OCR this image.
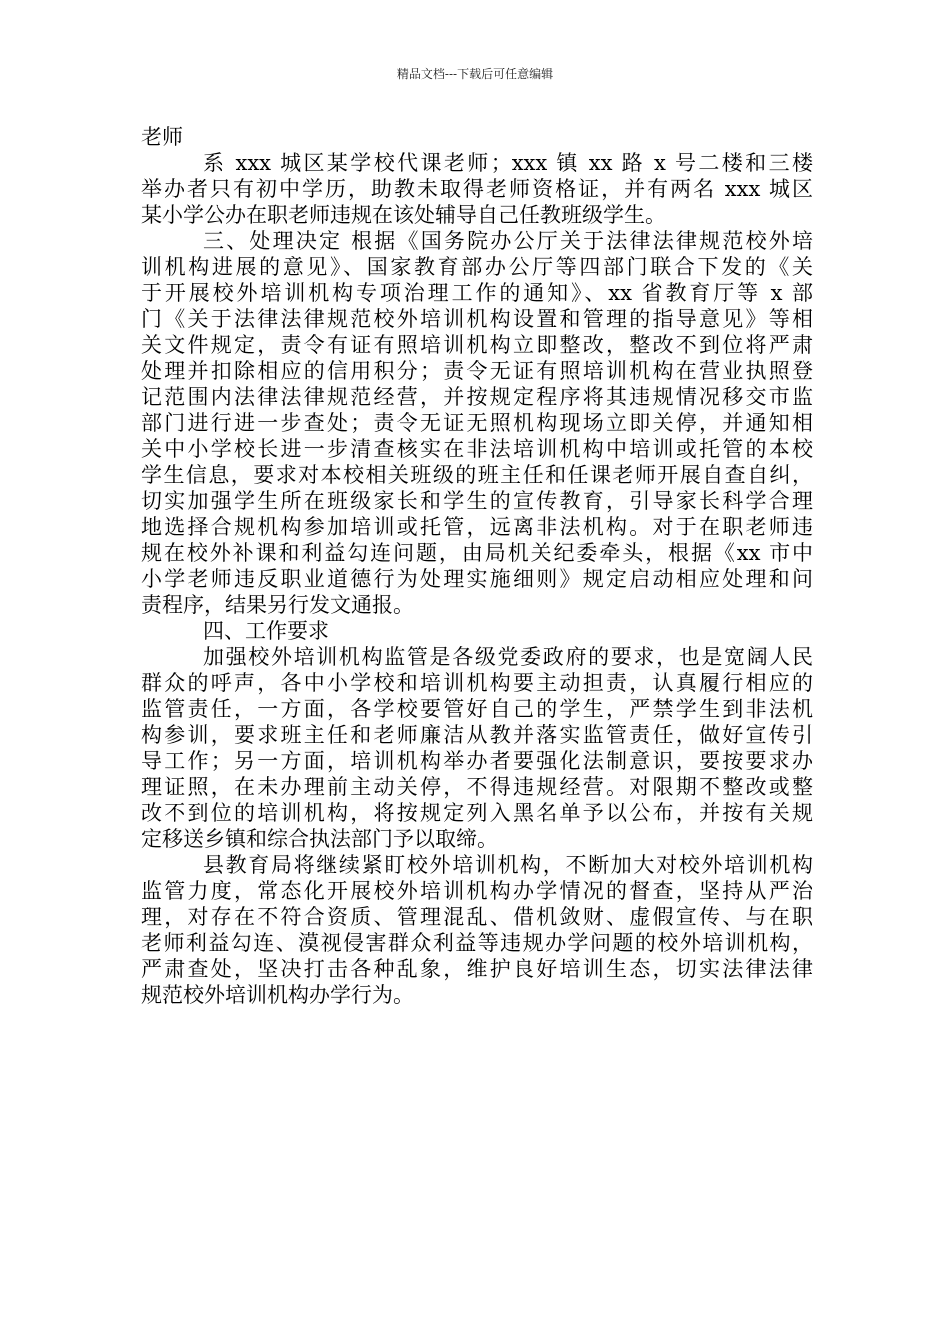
精品文档---下载后可任意编辑
老师
系 xxx 城区某学校代课老师；xxx 镇 xx 路 x 号二楼和三楼
举办者只有初中学历，助教未取得老师资格证，并有两名 xxx 城区
某小学公办在职老师违规在该处辅导自己任教班级学生。
三、处理决定 根据《国务院办公厅关于法律法律规范校外培
训机构进展的意见》、国家教育部办公厅等四部门联合下发的《关
于开展校外培训机构专项治理工作的通知》、xx 省教育厅等 x 部
门《关于法律法律规范校外培训机构设置和管理的指导意见》等相
关文件规定，责令有证有照培训机构立即整改，整改不到位将严肃
处理并扣除相应的信用积分；责令无证有照培训机构在营业执照登
记范围内法律法律规范经营，并按规定程序将其违规情况移交市监
部门进行进一步查处；责令无证无照机构现场立即关停，并通知相
关中小学校长进一步清查核实在非法培训机构中培训或托管的本校
学生信息，要求对本校相关班级的班主任和任课老师开展自查自纠，
切实加强学生所在班级家长和学生的宣传教育，引导家长科学合理
地选择合规机构参加培训或托管，远离非法机构。对于在职老师违
规在校外补课和利益勾连问题，由局机关纪委牵头，根据《xx 市中
小学老师违反职业道德行为处理实施细则》规定启动相应处理和问
责程序，结果另行发文通报。
四、工作要求
加强校外培训机构监管是各级党委政府的要求，也是宽阔人民
群众的呼声，各中小学校和培训机构要主动担责，认真履行相应的
监管责任，一方面，各学校要管好自己的学生，严禁学生到非法机
构参训，要求班主任和老师廉洁从教并落实监管责任，做好宣传引
导工作；另一方面，培训机构举办者要强化法制意识，要按要求办
理证照，在未办理前主动关停，不得违规经营。对限期不整改或整
改不到位的培训机构，将按规定列入黑名单予以公布，并按有关规
定移送乡镇和综合执法部门予以取缔。
县教育局将继续紧盯校外培训机构，不断加大对校外培训机构
监管力度，常态化开展校外培训机构办学情况的督查，坚持从严治
理，对存在不符合资质、管理混乱、借机敛财、虚假宣传、与在职
老师利益勾连、漠视侵害群众利益等违规办学问题的校外培训机构，
严肃查处，坚决打击各种乱象，维护良好培训生态，切实法律法律
规范校外培训机构办学行为。
